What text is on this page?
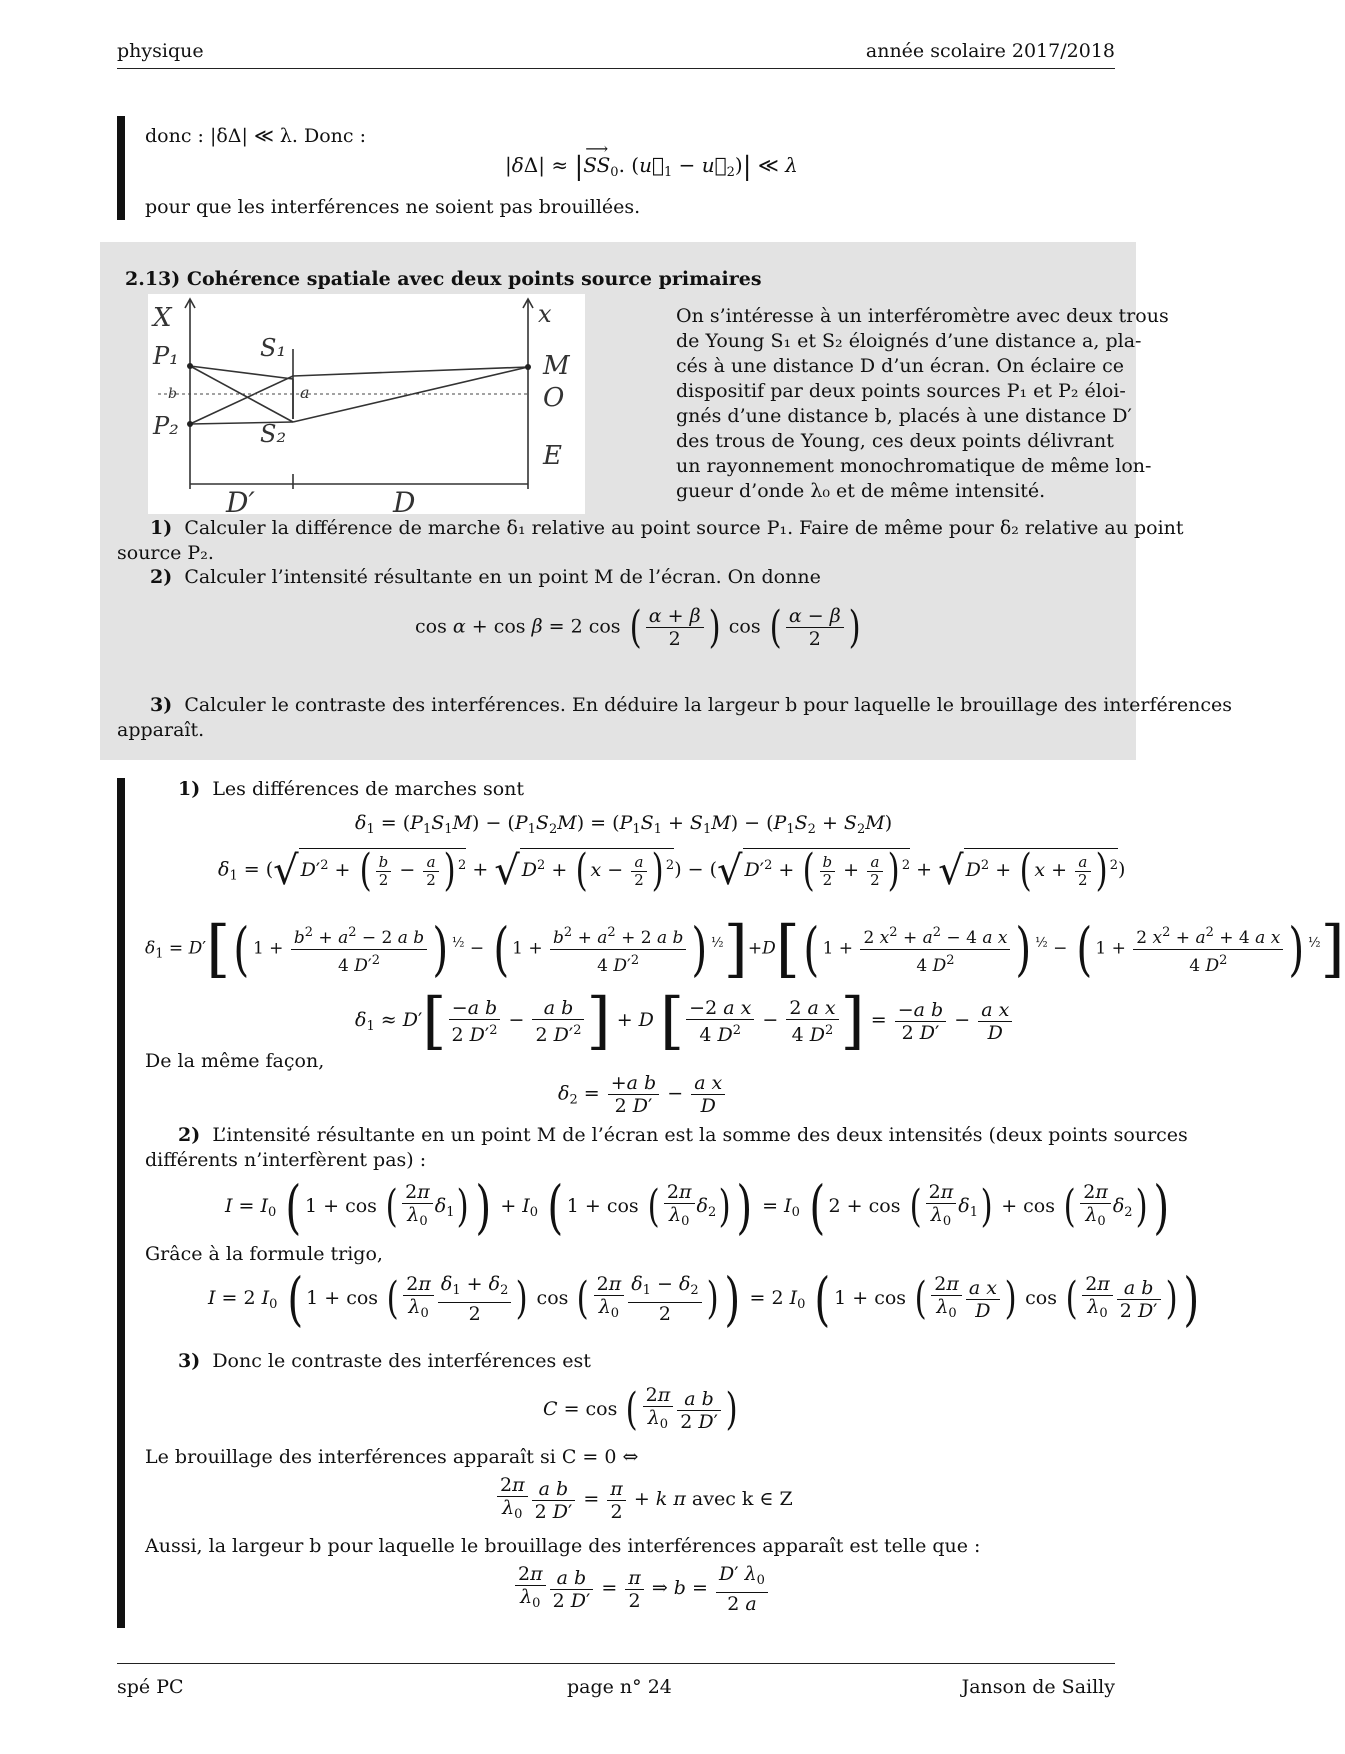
physique	année scolaire 2017/2018
donc : |δΔ| ≪ λ. Donc :
$|\delta\Delta| \approx |SS_0$
⟶
. ($u⃗_1$ − $u⃗_2)|$ ≪ λ
pour que les interférences ne soient pas brouillées.
2.13) Cohérence spatiale avec deux points source primaires
X	x
P₁
P₂
S₁
S₂
M
O
E
b	a
D′	D
On s’intéresse à un interféromètre avec deux trous
de Young S₁ et S₂ éloignés d’une distance a, pla-
cés à une distance D d’un écran. On éclaire ce
dispositif par deux points sources P₁ et P₂ éloi-
gnés d’une distance b, placés à une distance D′
des trous de Young, ces deux points délivrant
un rayonnement monochromatique de même lon-
gueur d’onde λ₀ et de même intensité.
1) Calculer la différence de marche δ₁ relative au point source P₁. Faire de même pour δ₂ relative au point
source P₂.
2) Calculer l’intensité résultante en un point M de l’écran. On donne
cos α + cos β = 2 cos ( $\frac{\alpha + \beta}{2}$ ) cos ( $\frac{\alpha - \beta}{2}$ )
3) Calculer le contraste des interférences. En déduire la largeur b pour laquelle le brouillage des interférences
apparaît.
1) Les différences de marches sont
$\delta_1 = (P_1S_1M) - (P_1S_2M) = (P_1S_1 + S_1M) - (P_1S_2 + S_2M)$
$\delta_1$ = (√ $D'^2$ + ( $\frac{b}{2} - \frac{a}{2}$ ) $^2$ + √ $D^2$ + ( $x - \frac{a}{2}$ ) $^2$) − (√ $D'^2$ + ( $\frac{b}{2} + \frac{a}{2}$ ) $^2$ + √ $D^2$ + ( $x + \frac{a}{2}$ ) $^2$)
$\delta_1 = D'$[( $1 + \frac{b^2 + a^2 - 2 a b}{4 D'^2}$ ) $^{\frac{1}{2}}$ − ( $1 + \frac{b^2 + a^2 + 2 a b}{4 D'^2}$ ) $^{\frac{1}{2}}$]+D[( $1 + \frac{2 x^2 + a^2 - 4 a x}{4 D^2}$ ) $^{\frac{1}{2}}$ − ( $1 + \frac{2 x^2 + a^2 + 4 a x}{4 D^2}$ ) $^{\frac{1}{2}}$]
$\delta_1 \approx D'[ \frac{\text{−a b}}{2 D'^2} - \frac{\text{a b}}{2 D'^2}$ ] + D [ $\frac{\text{−2 a x}}{4 D^2} - \frac{\text{2 a x}}{4 D^2}$ ] = $\frac{\text{−a b}}{2 D'} - \frac{\text{a x}}{D}$
De la même façon,
$\delta_2 = \frac{\text{+a b}}{2 D'} - \frac{\text{a x}}{D}$
2) L’intensité résultante en un point M de l’écran est la somme des deux intensités (deux points sources
différents n’interfèrent pas) :
$I = I_0$ ( 1 + cos ( $\frac{2\pi}{\lambda_0} \delta_1$) ) + $I_0$ ( 1 + cos ( $\frac{2\pi}{\lambda_0} \delta_2$) ) = $I_0$ ( 2 + cos ( $\frac{2\pi}{\lambda_0} \delta_1) + \cos$ ( $\frac{2\pi}{\lambda_0} \delta_2$) )
Grâce à la formule trigo,
I = 2 $I_0$ ( 1 + cos ( $\frac{2\pi}{\lambda_0} \frac{\delta_1 + \delta_2}{2}$ ) cos ( $\frac{2\pi}{\lambda_0} \frac{\delta_1 - \delta_2}{2}$ ) ) = 2 $I_0$ ( 1 + cos ( $\frac{2\pi}{\lambda_0} \frac{\text{a x}}{D}$ ) cos ( $\frac{2\pi}{\lambda_0} \frac{\text{a b}}{2 D'}$ ) )
3) Donc le contraste des interférences est
C = cos ( $\frac{2\pi}{\lambda_0} \frac{\text{a b}}{2 D'}$ )
Le brouillage des interférences apparaît si C = 0 ⇔
$\frac{2\pi}{\lambda_0} \frac{\text{a b}}{2 D'} = \frac{\pi}{2} + k$ π avec k ∈ Z
Aussi, la largeur b pour laquelle le brouillage des interférences apparaît est telle que :
$\frac{2\pi}{\lambda_0} \frac{\text{a b}}{2 D'} = \frac{\pi}{2}$ ⇒ $b = \frac{D' \lambda_0}{2 a}$
spé PC	page n° 24	Janson de Sailly
